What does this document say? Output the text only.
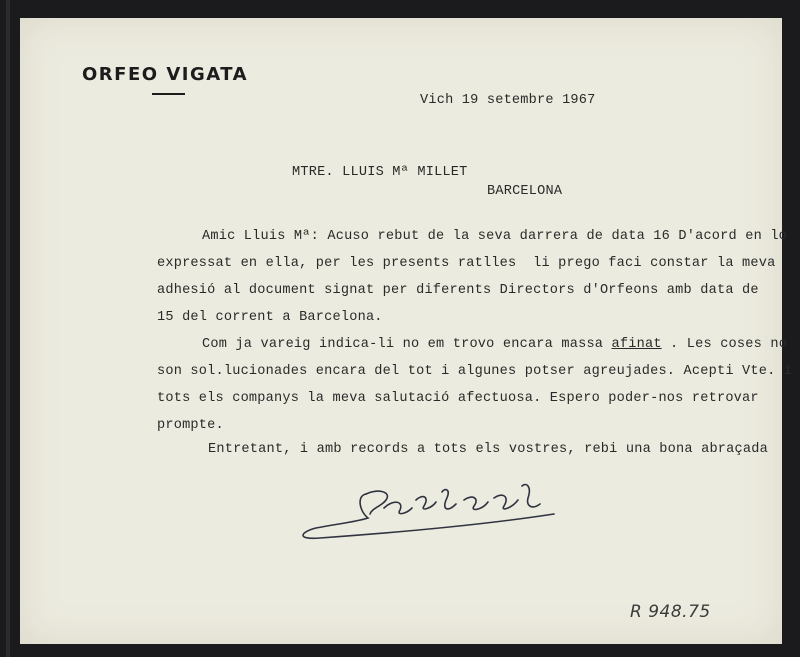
ORFEO VIGATA
Vich 19 setembre 1967
MTRE. LLUIS Mª MILLET
BARCELONA
Amic Lluis Mª: Acuso rebut de la seva darrera de data 16 D'acord en lo
expressat en ella, per les presents ratlles  li prego faci constar la meva
adhesió al document signat per diferents Directors d'Orfeons amb data de
15 del corrent a Barcelona.
Com ja vareig indica-li no em trovo encara massa afinat . Les coses no
son sol.lucionades encara del tot i algunes potser agreujades. Acepti Vte. i
tots els companys la meva salutació afectuosa. Espero poder-nos retrovar
prompte.
Entretant, i amb records a tots els vostres, rebi una bona abraçada
R 948.75
